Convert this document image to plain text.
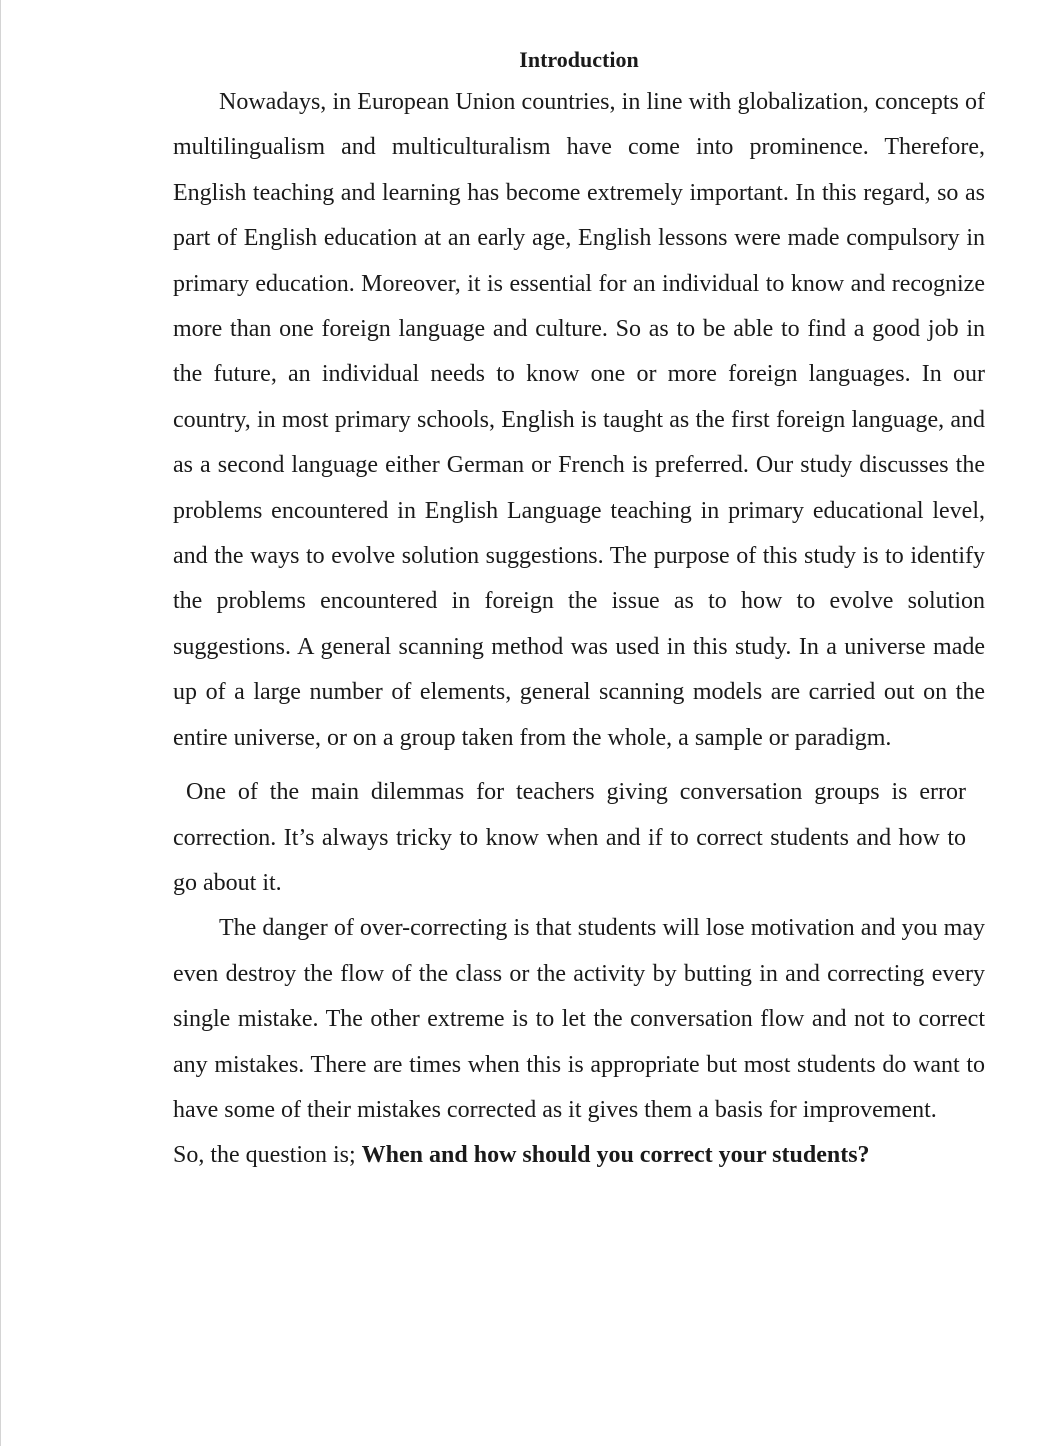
Introduction

Nowadays, in European Union countries, in line with globalization, concepts of multilingualism and multiculturalism have come into prominence. Therefore, English teaching and learning has become extremely important. In this regard, so as part of English education at an early age, English lessons were made compulsory in primary education. Moreover, it is essential for an individual to know and recognize more than one foreign language and culture. So as to be able to find a good job in the future, an individual needs to know one or more foreign languages. In our country, in most primary schools, English is taught as the first foreign language, and as a second language either German or French is preferred. Our study discusses the problems encountered in English Language teaching in primary educational level, and the ways to evolve solution suggestions. The purpose of this study is to identify the problems encountered in foreign the issue as to how to evolve solution suggestions. A general scanning method was used in this study. In a universe made up of a large number of elements, general scanning models are carried out on the entire universe, or on a group taken from the whole, a sample or paradigm.

One of the main dilemmas for teachers giving conversation groups is error correction. It’s always tricky to know when and if to correct students and how to go about it.

The danger of over-correcting is that students will lose motivation and you may even destroy the flow of the class or the activity by butting in and correcting every single mistake. The other extreme is to let the conversation flow and not to correct any mistakes. There are times when this is appropriate but most students do want to have some of their mistakes corrected as it gives them a basis for improvement.

So, the question is; When and how should you correct your students?
